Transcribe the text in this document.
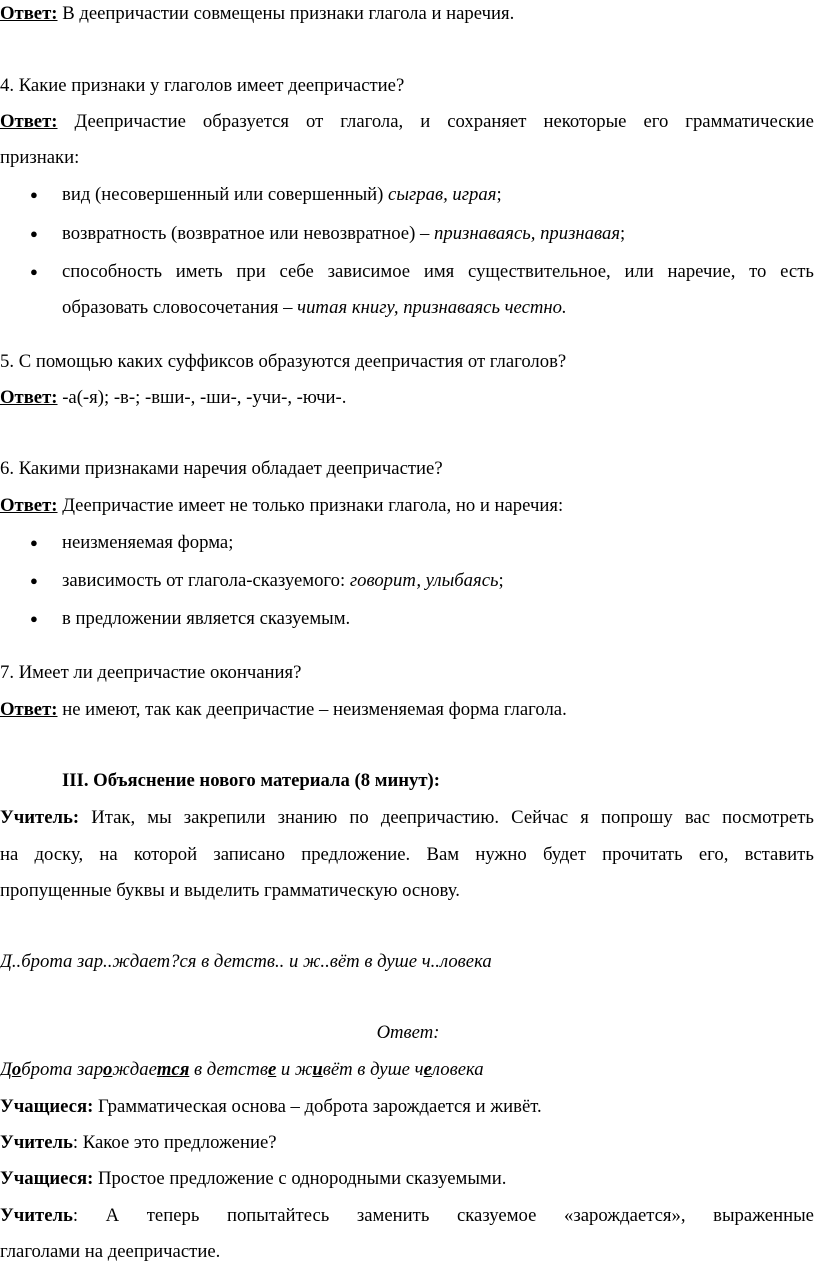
Ответ: В деепричастии совмещены признаки глагола и наречия.
4. Какие признаки у глаголов имеет деепричастие?
Ответ: Деепричастие образуется от глагола, и сохраняет некоторые его грамматические
признаки:
● вид (несовершенный или совершенный) сыграв, играя;
● возвратность (возвратное или невозвратное) – признаваясь, признавая;
● способность иметь при себе зависимое имя существительное, или наречие, то есть
образовать словосочетания – читая книгу, признаваясь честно.
5. С помощью каких суффиксов образуются деепричастия от глаголов?
Ответ: -а(-я); -в-; -вши-, -ши-, -учи-, -ючи-.
6. Какими признаками наречия обладает деепричастие?
Ответ: Деепричастие имеет не только признаки глагола, но и наречия:
● неизменяемая форма;
● зависимость от глагола-сказуемого: говорит, улыбаясь;
● в предложении является сказуемым.
7. Имеет ли деепричастие окончания?
Ответ: не имеют, так как деепричастие – неизменяемая форма глагола.
III. Объяснение нового материала (8 минут):
Учитель: Итак, мы закрепили знанию по деепричастию. Сейчас я попрошу вас посмотреть
на доску, на которой записано предложение. Вам нужно будет прочитать его, вставить
пропущенные буквы и выделить грамматическую основу.
Д..брота зар..ждает?ся в детств.. и ж..вёт в душе ч..ловека
Ответ:
Доброта зарождается в детстве и живёт в душе человека
Учащиеся: Грамматическая основа – доброта зарождается и живёт.
Учитель: Какое это предложение?
Учащиеся: Простое предложение с однородными сказуемыми.
Учитель: А теперь попытайтесь заменить сказуемое «зарождается», выраженные
глаголами на деепричастие.
